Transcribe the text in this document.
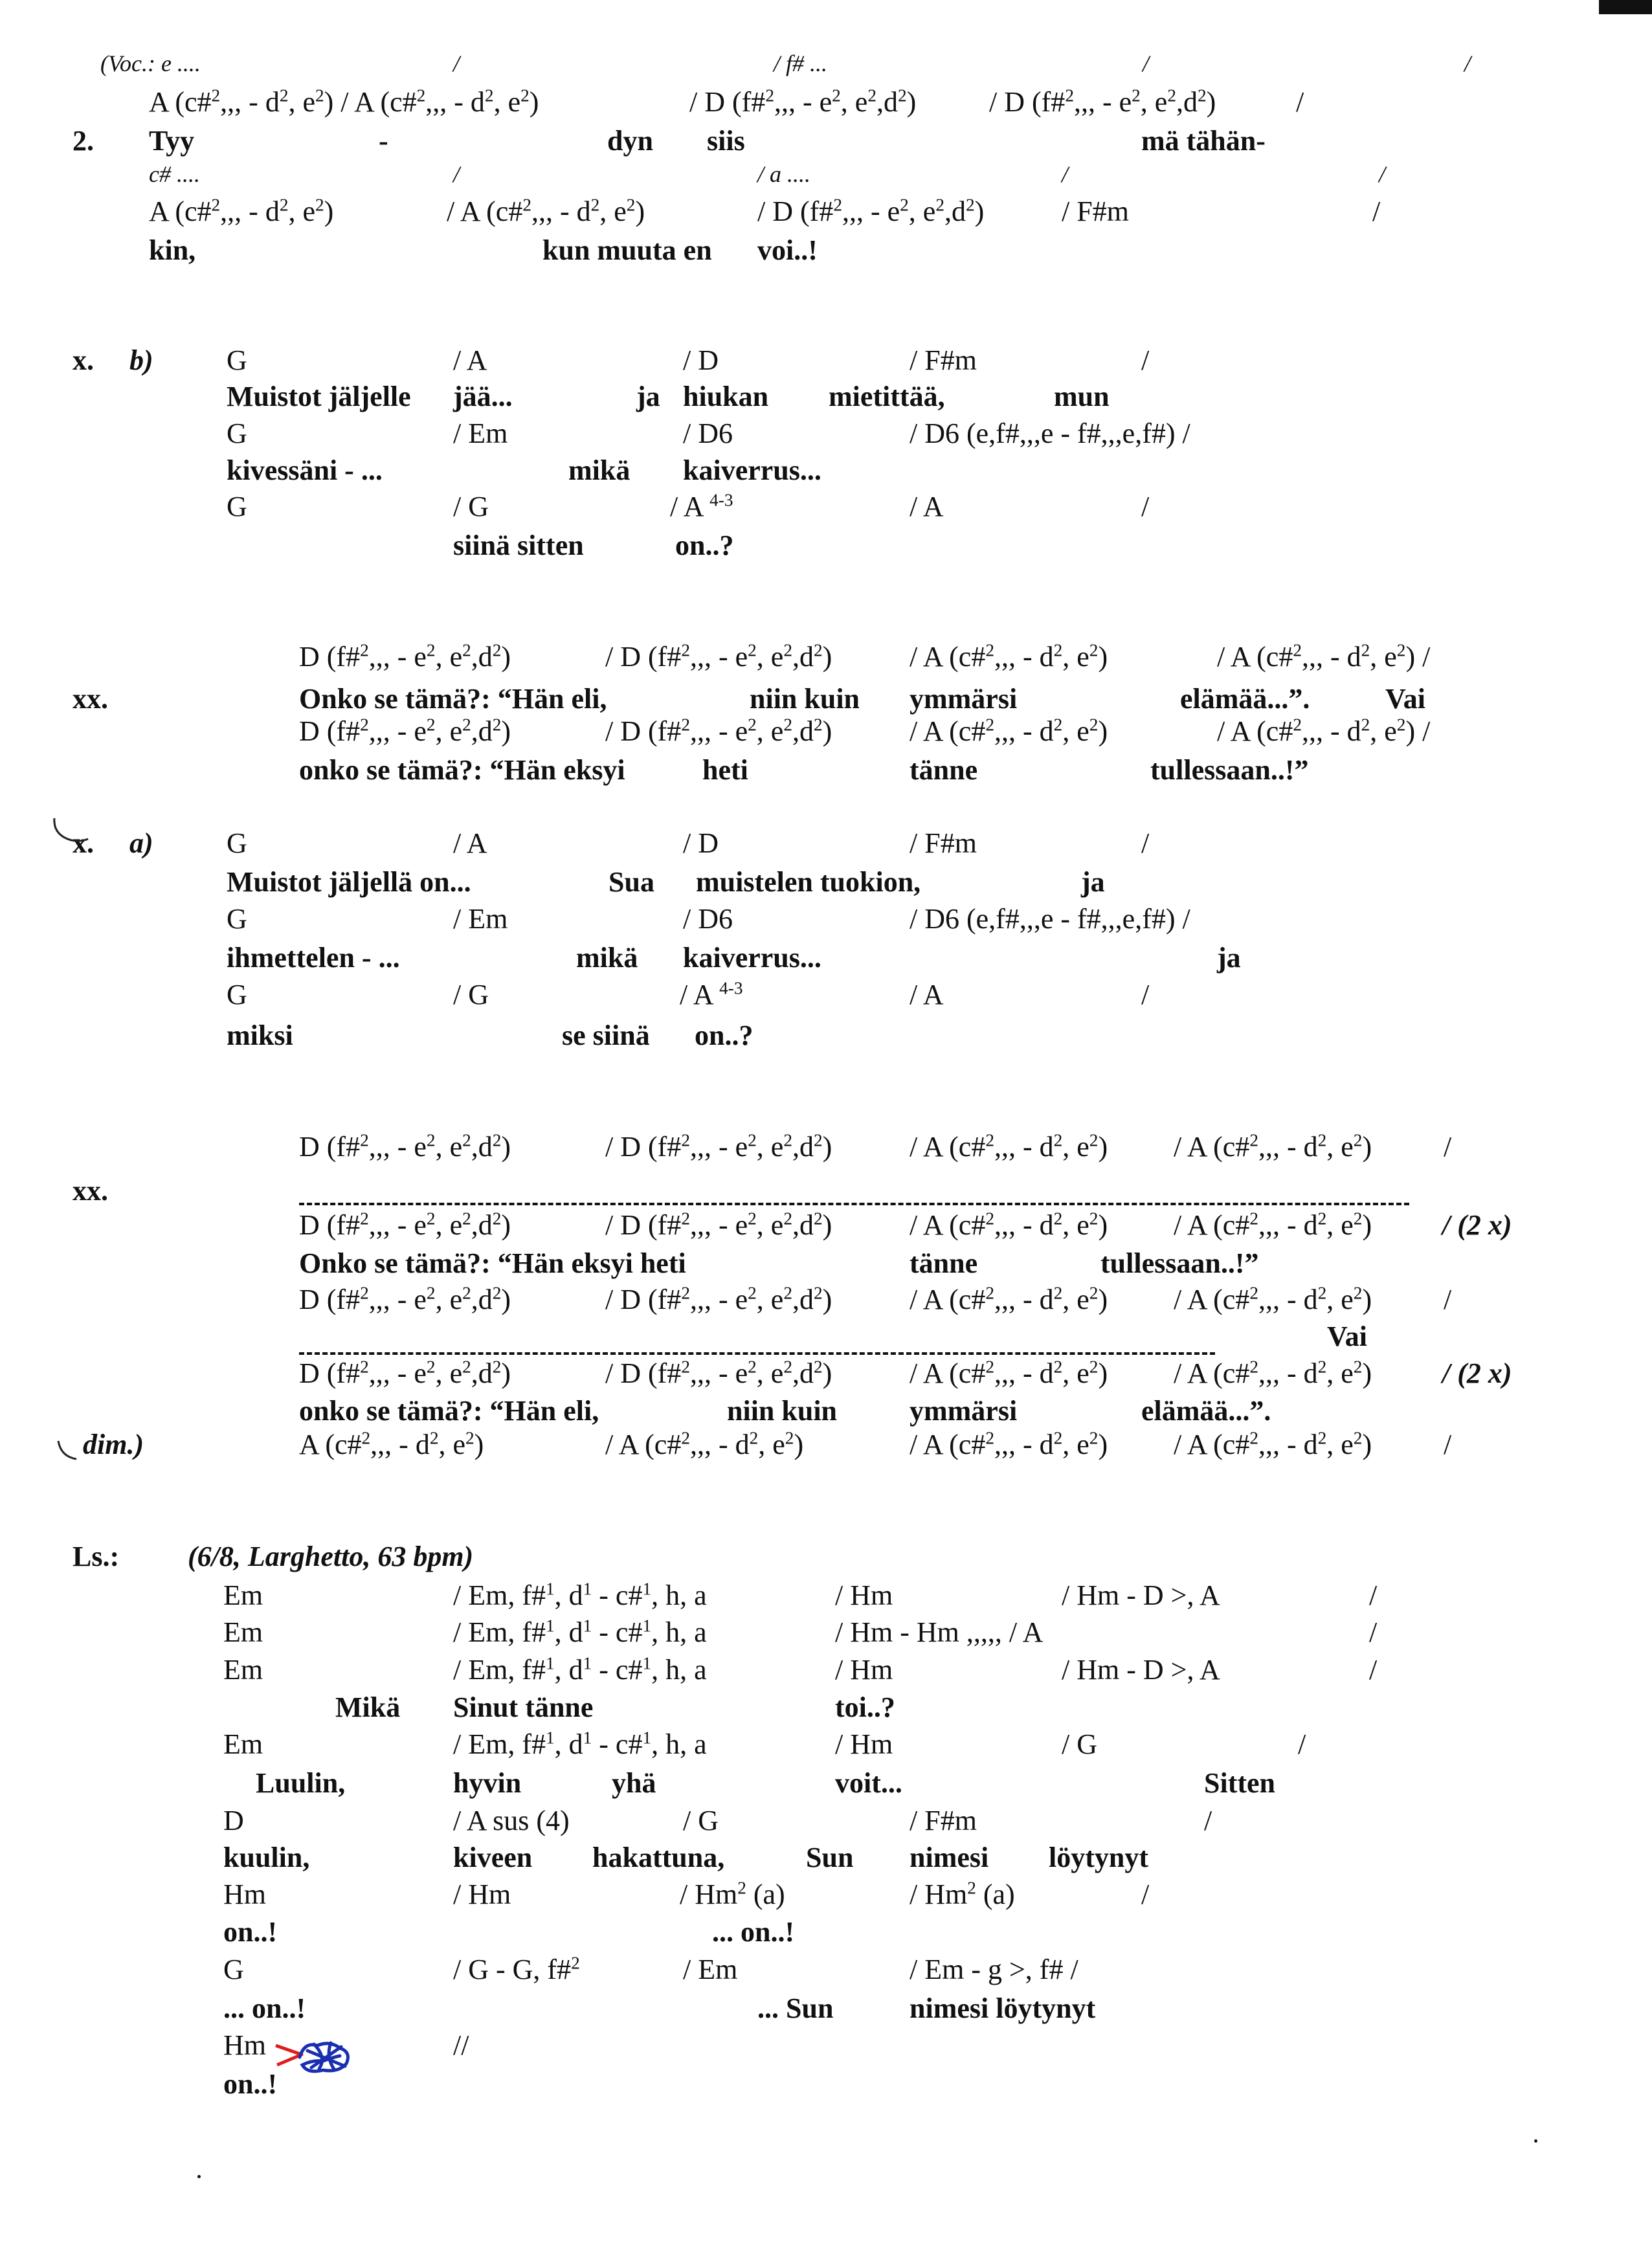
(Voc.: e ....	/	/ f# ...	/	/
A (c#$^2$,,, - $d^2$, $e^2$) / A (c#$^2$,,, - $d^2$, $e^2$)	/ D (f#$^2$,,, - $e^2$, $e^2,d^2$)	/ D (f#$^2$,,, - $e^2$, $e^2,d^2$)	/
2. Tyy	-	dyn siis	mä tähän-
c# ....	/	/ a ....	/	/
A (c#$^2$,,, - $d^2$, $e^2$)	/ A (c#$^2$,,, - $d^2$, $e^2$)	/ D (f#$^2$,,, - $e^2$, $e^2,d^2$)	/ F#m	/
kin,	kun muuta en voi..!
x. b)	G	/ A	/ D	/ F#m	/
Muistot jäljelle jää...	ja hiukan mietittää,	mun
G	/ Em	/ D6	/ D6 (e,f#,,,e - f#,,,e,f#) /
kivessäni - ...	mikä kaiverrus...
G	/ G	/ A $^{4-3}$	/ A	/
siinä sitten	on..?
D (f#$^2$,,, - $e^2$, $e^2,d^2$)	/ D (f#$^2$,,, - $e^2$, $e^2,d^2$)	/ A (c#$^2$,,, - $d^2$, $e^2$)	/ A (c#$^2$,,, - $d^2$, $e^2$) /
xx.	Onko se tämä?: “Hän eli,	niin kuin ymmärsi	elämää...”.	Vai
D (f#$^2$,,, - $e^2$, $e^2,d^2$)	/ D (f#$^2$,,, - $e^2$, $e^2,d^2$)	/ A (c#$^2$,,, - $d^2$, $e^2$)	/ A (c#$^2$,,, - $d^2$, $e^2$) /
onko se tämä?: “Hän eksyi	heti	tänne	tullessaan..!”
x. a)	G	/ A	/ D	/ F#m	/
Muistot jäljellä on...	Sua muistelen tuokion,	ja
G	/ Em	/ D6	/ D6 (e,f#,,,e - f#,,,e,f#) /
ihmettelen - ...	mikä kaiverrus...	ja
G	/ G	/ A $^{4-3}$	/ A	/
miksi	se siinä on..?
D (f#$^2$,,, - $e^2$, $e^2,d^2$)	/ D (f#$^2$,,, - $e^2$, $e^2,d^2$)	/ A (c#$^2$,,, - $d^2$, $e^2$) / A (c#$^2$,,, - $d^2$, $e^2$)	/
xx.
D (f#$^2$,,, - $e^2$, $e^2,d^2$)	/ D (f#$^2$,,, - $e^2$, $e^2,d^2$)	/ A (c#$^2$,,, - $d^2$, $e^2$) / A (c#$^2$,,, - $d^2$, $e^2) / (2$ x)
Onko se tämä?: “Hän eksyi heti	tänne	tullessaan..!”
D (f#$^2$,,, - $e^2$, $e^2,d^2$)	/ D (f#$^2$,,, - $e^2$, $e^2,d^2$)	/ A (c#$^2$,,, - $d^2$, $e^2$) / A (c#$^2$,,, - $d^2$, $e^2$)	/
Vai
D (f#$^2$,,, - $e^2$, $e^2,d^2$)	/ D (f#$^2$,,, - $e^2$, $e^2,d^2$)	/ A (c#$^2$,,, - $d^2$, $e^2$) / A (c#$^2$,,, - $d^2$, $e^2) / (2$ x)
onko se tämä?: “Hän eli,	niin kuin	ymmärsi	elämää...”.
dim.)	A (c#$^2$,,, - $d^2$, $e^2$)	/ A (c#$^2$,,, - $d^2$, $e^2$)	/ A (c#$^2$,,, - $d^2$, $e^2$) / A (c#$^2$,,, - $d^2$, $e^2$)	/
Ls.: (6/8, Larghetto, 63 bpm)
Em	/ Em, f#$^1$, $d^1$ - c#$^1$, h, a	/ Hm	/ Hm - D >, A	/
Em	/ Em, f#$^1$, $d^1$ - c#$^1$, h, a	/ Hm - Hm ,,,,, / A	/
Em	/ Em, f#$^1$, $d^1$ - c#$^1$, h, a	/ Hm	/ Hm - D >, A	/
Mikä Sinut tänne	toi..?
Em	/ Em, f#$^1$, $d^1$ - c#$^1$, h, a	/ Hm	/ G	/
Luulin,	hyvin	yhä	voit...	Sitten
D	/ A sus (4)	/ G	/ F#m	/
kuulin,	kiveen hakattuna,	Sun nimesi löytynyt
Hm	/ Hm	/ Hm$^2$ (a)	/ Hm$^2$ (a)	/
on..!	... on..!
G	/ G - G, f#$^2$	/ Em	/ Em - g >, f# /
... on..!	... Sun	nimesi löytynyt
Hm	//
on..!
